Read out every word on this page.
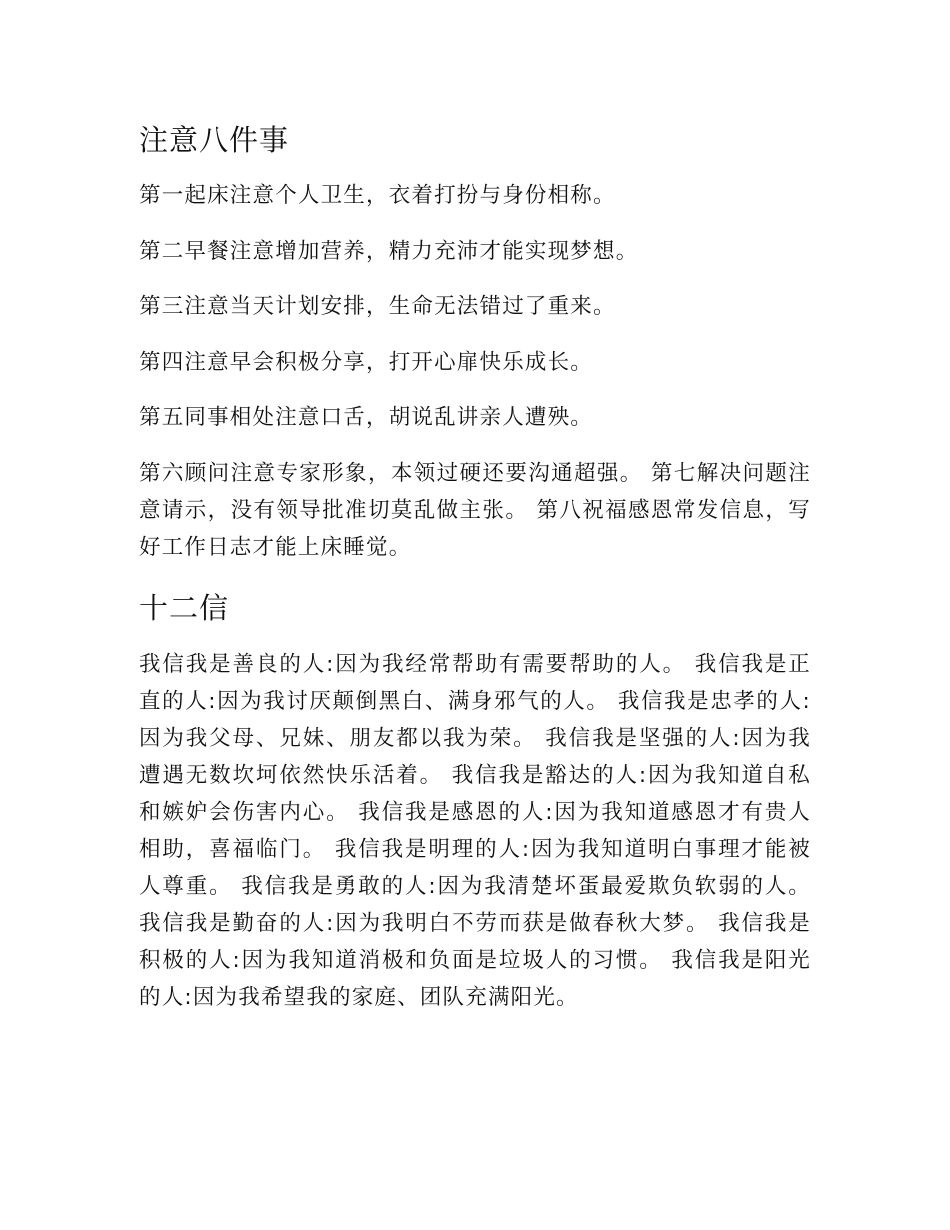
注意八件事

第一起床注意个人卫生，衣着打扮与身份相称。

第二早餐注意增加营养，精力充沛才能实现梦想。

第三注意当天计划安排，生命无法错过了重来。

第四注意早会积极分享，打开心扉快乐成长。

第五同事相处注意口舌，胡说乱讲亲人遭殃。

第六顾问注意专家形象，本领过硬还要沟通超强。 第七解决问题注意请示，没有领导批准切莫乱做主张。 第八祝福感恩常发信息，写好工作日志才能上床睡觉。

十二信

我信我是善良的人:因为我经常帮助有需要帮助的人。 我信我是正直的人:因为我讨厌颠倒黑白、满身邪气的人。 我信我是忠孝的人:因为我父母、兄妹、朋友都以我为荣。 我信我是坚强的人:因为我遭遇无数坎坷依然快乐活着。 我信我是豁达的人:因为我知道自私和嫉妒会伤害内心。 我信我是感恩的人:因为我知道感恩才有贵人相助，喜福临门。 我信我是明理的人:因为我知道明白事理才能被人尊重。 我信我是勇敢的人:因为我清楚坏蛋最爱欺负软弱的人。 我信我是勤奋的人:因为我明白不劳而获是做春秋大梦。 我信我是积极的人:因为我知道消极和负面是垃圾人的习惯。 我信我是阳光的人:因为我希望我的家庭、团队充满阳光。
